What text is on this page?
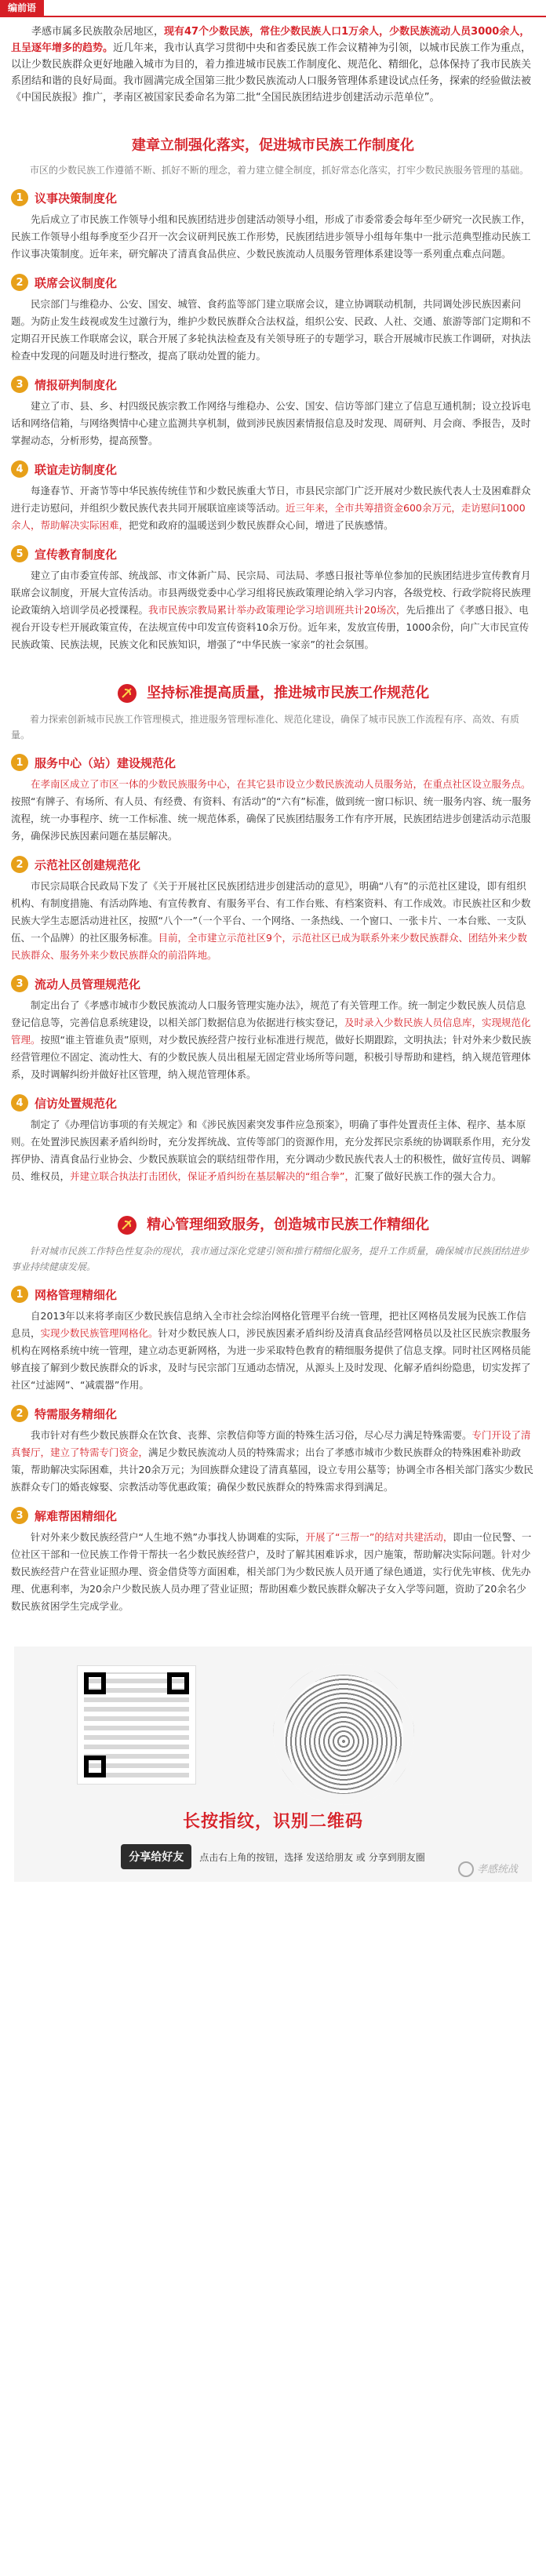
编前语
孝感市属多民族散杂居地区，现有47个少数民族，常住少数民族人口1万余人，少数民族流动人员3000余人，且呈逐年增多的趋势。近几年来，我市认真学习贯彻中央和省委民族工作会议精神为引领，以城市民族工作为重点，以让少数民族群众更好地融入城市为目的，着力推进城市民族工作制度化、规范化、精细化，总体保持了我市民族关系团结和谐的良好局面。我市圆满完成全国第三批少数民族流动人口服务管理体系建设试点任务，探索的经验做法被《中国民族报》推广，孝南区被国家民委命名为第二批“全国民族团结进步创建活动示范单位”。
建章立制强化落实，促进城市民族工作制度化
市区的少数民族工作遵循不断、抓好不断的理念，着力建立健全制度，抓好常态化落实，打牢少数民族服务管理的基础。
1 议事决策制度化
先后成立了市民族工作领导小组和民族团结进步创建活动领导小组，形成了市委常委会每年至少研究一次民族工作，民族工作领导小组每季度至少召开一次会议研判民族工作形势，民族团结进步领导小组每年集中一批示范典型推动民族工作议事决策制度。近年来，研究解决了清真食品供应、少数民族流动人员服务管理体系建设等一系列重点难点问题。
2 联席会议制度化
民宗部门与维稳办、公安、国安、城管、食药监等部门建立联席会议，建立协调联动机制，共同调处涉民族因素问题。为防止发生歧视或发生过激行为，维护少数民族群众合法权益，组织公安、民政、人社、交通、旅游等部门定期和不定期召开民族工作联席会议，联合开展了多轮执法检查及有关领导班子的专题学习，联合开展城市民族工作调研，对执法检查中发现的问题及时进行整改，提高了联动处置的能力。
3 情报研判制度化
建立了市、县、乡、村四级民族宗教工作网络与维稳办、公安、国安、信访等部门建立了信息互通机制；设立投诉电话和网络信箱，与网络舆情中心建立监测共享机制，做到涉民族因素情报信息及时发现、周研判、月会商、季报告，及时掌握动态，分析形势，提高预警。
4 联谊走访制度化
每逢春节、开斋节等中华民族传统佳节和少数民族重大节日，市县民宗部门广泛开展对少数民族代表人士及困难群众进行走访慰问，并组织少数民族代表共同开展联谊座谈等活动。近三年来，全市共筹措资金600余万元，走访慰问1000余人，帮助解决实际困难，把党和政府的温暖送到少数民族群众心间，增进了民族感情。
5 宣传教育制度化
建立了由市委宣传部、统战部、市文体新广局、民宗局、司法局、孝感日报社等单位参加的民族团结进步宣传教育月联席会议制度，开展大宣传活动。市县两级党委中心学习组将民族政策理论纳入学习内容，各级党校、行政学院将民族理论政策纳入培训学员必授课程。我市民族宗教局累计举办政策理论学习培训班共计20场次，先后推出了《孝感日报》、电视台开设专栏开展政策宣传，在法规宣传中印发宣传资料10余万份。近年来，发放宣传册，1000余份，向广大市民宣传民族政策、民族法规，民族文化和民族知识，增强了“中华民族一家亲”的社会氛围。
坚持标准提高质量，推进城市民族工作规范化
着力探索创新城市民族工作管理模式，推进服务管理标准化、规范化建设，确保了城市民族工作流程有序、高效、有质量。
1 服务中心（站）建设规范化
在孝南区成立了市区一体的少数民族服务中心，在其它县市设立少数民族流动人员服务站，在重点社区设立服务点。按照“有牌子、有场所、有人员、有经费、有资料、有活动”的“六有”标准，做到统一窗口标识、统一服务内容、统一服务流程，统一办事程序、统一工作标准、统一规范体系，确保了民族团结服务工作有序开展，民族团结进步创建活动示范服务，确保涉民族因素问题在基层解决。
2 示范社区创建规范化
市民宗局联合民政局下发了《关于开展社区民族团结进步创建活动的意见》，明确“八有”的示范社区建设，即有组织机构、有制度措施、有活动阵地、有宣传教育、有服务平台、有工作台账、有档案资料、有工作成效。市民族社区和少数民族大学生志愿活动进社区，按照“八个一”（一个平台、一个网络、一条热线、一个窗口、一张卡片、一本台账、一支队伍、一个品牌）的社区服务标准。目前，全市建立示范社区9个，示范社区已成为联系外来少数民族群众、团结外来少数民族群众、服务外来少数民族群众的前沿阵地。
3 流动人员管理规范化
制定出台了《孝感市城市少数民族流动人口服务管理实施办法》，规范了有关管理工作。统一制定少数民族人员信息登记信息等，完善信息系统建设，以相关部门数据信息为依据进行核实登记，及时录入少数民族人员信息库，实现规范化管理。按照“谁主管谁负责”原则，对少数民族经营户按行业标准进行规范，做好长期跟踪，文明执法；针对外来少数民族经营管理位不固定、流动性大、有的少数民族人员出租屋无固定营业场所等问题，积极引导帮助和建档，纳入规范管理体系，及时调解纠纷并做好社区管理，纳入规范管理体系。
4 信访处置规范化
制定了《办理信访事项的有关规定》和《涉民族因素突发事件应急预案》，明确了事件处置责任主体、程序、基本原则。在处置涉民族因素矛盾纠纷时，充分发挥统战、宣传等部门的资源作用，充分发挥民宗系统的协调联系作用，充分发挥伊协、清真食品行业协会、少数民族联谊会的联结纽带作用，充分调动少数民族代表人士的积极性，做好宣传员、调解员、维权员，并建立联合执法打击团伙，保证矛盾纠纷在基层解决的“组合拳”，汇聚了做好民族工作的强大合力。
精心管理细致服务，创造城市民族工作精细化
针对城市民族工作特色性复杂的现状，我市通过深化党建引领和推行精细化服务，提升工作质量，确保城市民族团结进步事业持续健康发展。
1 网格管理精细化
自2013年以来将孝南区少数民族信息纳入全市社会综治网格化管理平台统一管理，把社区网格员发展为民族工作信息员，实现少数民族管理网格化。针对少数民族人口，涉民族因素矛盾纠纷及清真食品经营网格员以及社区民族宗教服务机构在网格系统中统一管理，建立动态更新网格，为进一步采取特色教育的精细服务提供了信息支撑。同时社区网格员能够直接了解到少数民族群众的诉求，及时与民宗部门互通动态情况，从源头上及时发现、化解矛盾纠纷隐患，切实发挥了社区“过滤网”、“减震器”作用。
2 特需服务精细化
我市针对有些少数民族群众在饮食、丧葬、宗教信仰等方面的特殊生活习俗，尽心尽力满足特殊需要。专门开设了清真餐厅，建立了特需专门资金，满足少数民族流动人员的特殊需求；出台了孝感市城市少数民族群众的特殊困难补助政策，帮助解决实际困难，共计20余万元；为回族群众建设了清真墓园，设立专用公墓等；协调全市各相关部门落实少数民族群众专门的婚丧嫁娶、宗教活动等优惠政策；确保少数民族群众的特殊需求得到满足。
3 解难帮困精细化
针对外来少数民族经营户“人生地不熟”办事找人协调难的实际，开展了“三帮一”的结对共建活动，即由一位民警、一位社区干部和一位民族工作骨干帮扶一名少数民族经营户，及时了解其困难诉求，因户施策，帮助解决实际问题。针对少数民族经营户在营业证照办理、资金借贷等方面困难，相关部门为少数民族人员开通了绿色通道，实行优先审核、优先办理、优惠利率，为20余户少数民族人员办理了营业证照；帮助困难少数民族群众解决子女入学等问题，资助了20余名少数民族贫困学生完成学业。
长按指纹，识别二维码
分享给好友	点击右上角的按钮，选择 发送给朋友 或 分享到朋友圈
孝感统战
